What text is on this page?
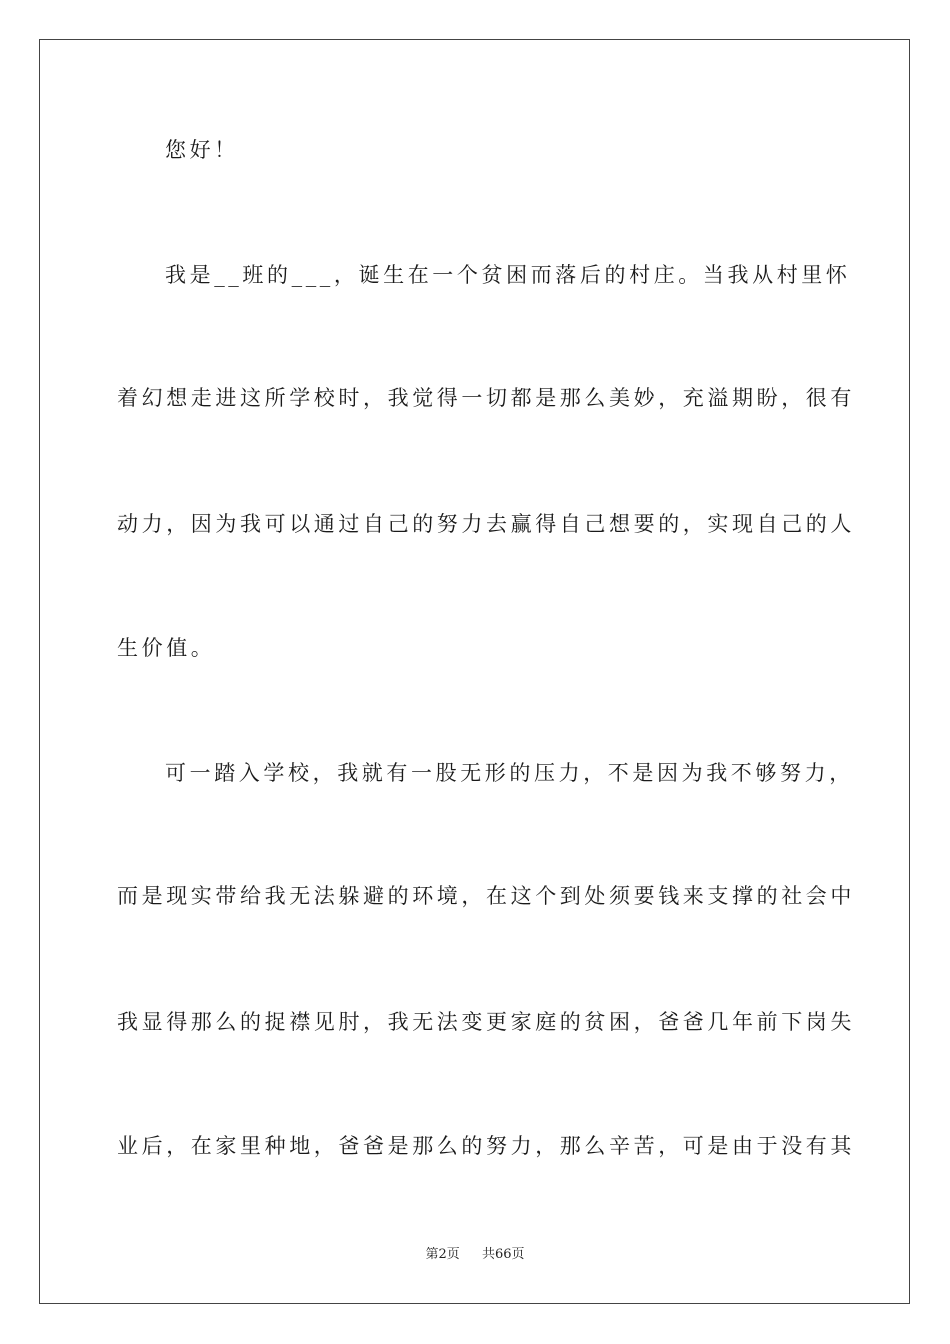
您好！
我是__班的___，诞生在一个贫困而落后的村庄。当我从村里怀
着幻想走进这所学校时，我觉得一切都是那么美妙，充溢期盼，很有
动力，因为我可以通过自己的努力去赢得自己想要的，实现自己的人
生价值。
可一踏入学校，我就有一股无形的压力，不是因为我不够努力，
而是现实带给我无法躲避的环境，在这个到处须要钱来支撑的社会中
我显得那么的捉襟见肘，我无法变更家庭的贫困，爸爸几年前下岗失
业后，在家里种地，爸爸是那么的努力，那么辛苦，可是由于没有其
第2页 共66页
